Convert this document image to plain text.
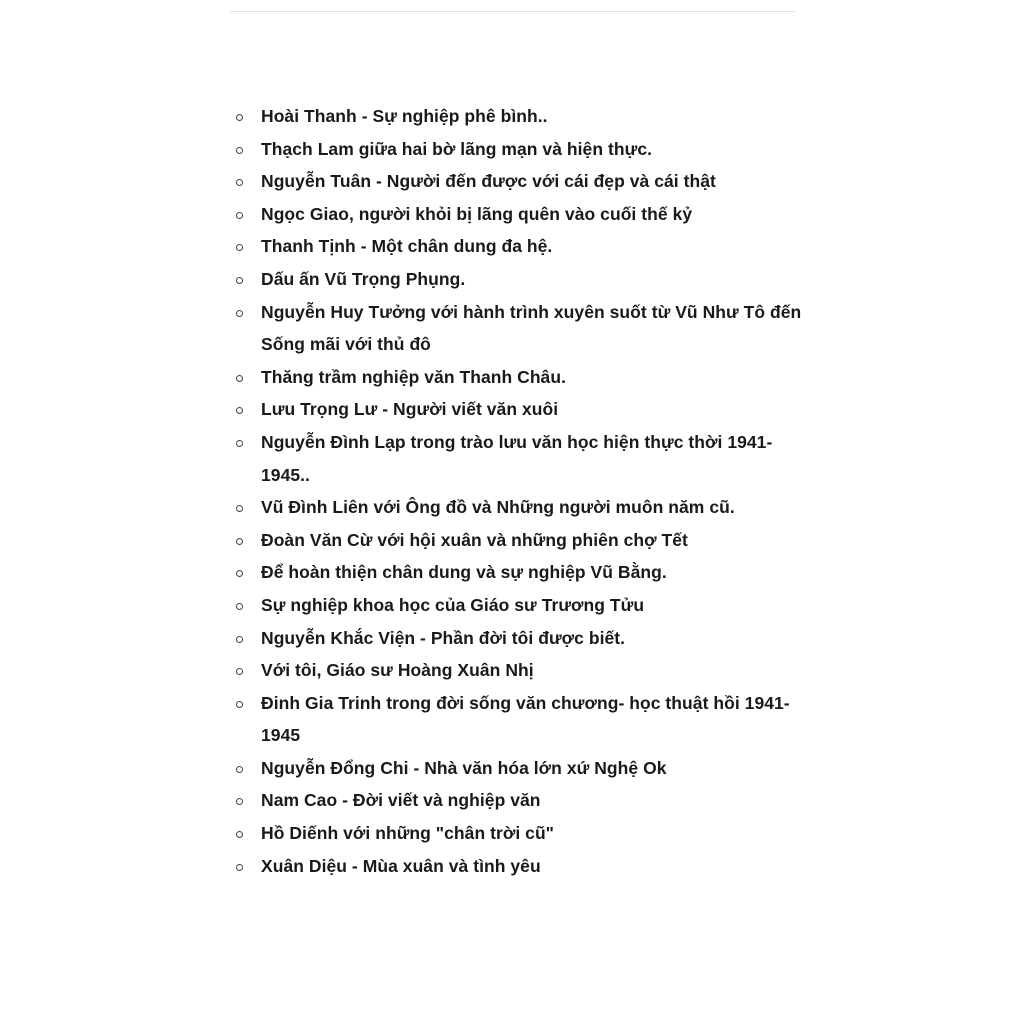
Hoài Thanh - Sự nghiệp phê bình..
Thạch Lam giữa hai bờ lãng mạn và hiện thực.
Nguyễn Tuân - Người đến được với cái đẹp và cái thật
Ngọc Giao, người khỏi bị lãng quên vào cuối thế kỷ
Thanh Tịnh - Một chân dung đa hệ.
Dấu ấn Vũ Trọng Phụng.
Nguyễn Huy Tưởng với hành trình xuyên suốt từ Vũ Như Tô đến Sống mãi với thủ đô
Thăng trầm nghiệp văn Thanh Châu.
Lưu Trọng Lư - Người viết văn xuôi
Nguyễn Đình Lạp trong trào lưu văn học hiện thực thời 1941-1945..
Vũ Đình Liên với Ông đồ và Những người muôn năm cũ.
Đoàn Văn Cừ với hội xuân và những phiên chợ Tết
Để hoàn thiện chân dung và sự nghiệp Vũ Bằng.
Sự nghiệp khoa học của Giáo sư Trương Tửu
Nguyễn Khắc Viện - Phần đời tôi được biết.
Với tôi, Giáo sư Hoàng Xuân Nhị
Đinh Gia Trinh trong đời sống văn chương- học thuật hồi 1941-1945
Nguyễn Đổng Chi - Nhà văn hóa lớn xứ Nghệ Ok
Nam Cao - Đời viết và nghiệp văn
Hồ Diếnh với những "chân trời cũ"
Xuân Diệu - Mùa xuân và tình yêu
